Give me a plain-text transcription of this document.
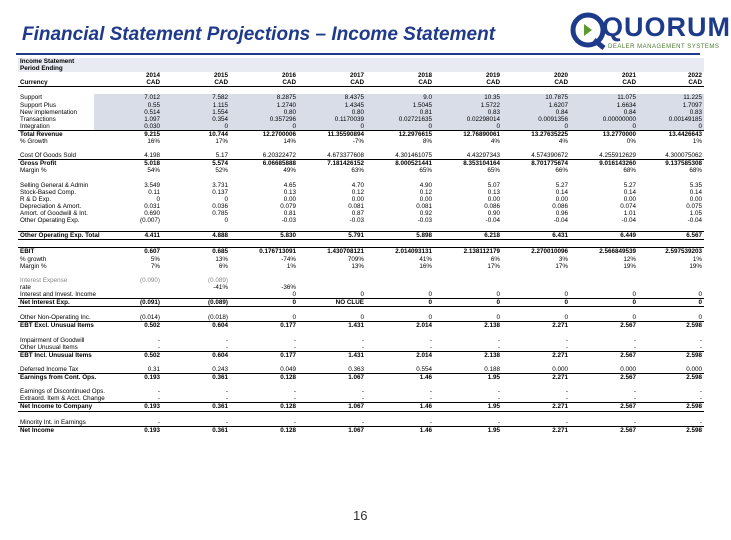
Financial Statement Projections – Income Statement	QUORUM
DEALER MANAGEMENT SYSTEMS
Income Statement									
Period Ending									
	2014	2015	2016	2017	2018	2019	2020	2021	2022
Currency	CAD	CAD	CAD	CAD	CAD	CAD	CAD	CAD	CAD

Support	7.012	7.582	8.2875	8.4375	9.0	10.35	10.7875	11.075	11.225
Support Plus	0.55	1.115	1.2740	1.4345	1.5045	1.5722	1.6207	1.6634	1.7097
New implementation	0.514	1.554	0.80	0.80	0.81	0.83	0.84	0.84	0.83
Transactions	1.097	0.354	0.357296	0.1170039	0.02721635	0.02298014	0.0091356	0.00000000	0.00149185
Integration	0.030	0	0	0	0	0	0	0	0
Total Revenue	9.215	10.744	12.2700006	11.35590894	12.2976615	12.76890061	13.27635225	13.2770000	13.4426643
% Growth	16%	17%	14%	-7%	8%	4%	4%	0%	1%

Cost Of Goods Sold	4.198	5.17	6.20322472	4.673377608	4.301461075	4.43297343	4.574390672	4.255912629	4.300075062
Gross Profit	5.018	5.574	6.06685888	7.181426152	8.000521441	8.353104164	8.701775674	9.016143260	9.137585308
Margin %	54%	52%	49%	63%	65%	65%	66%	68%	68%

Selling General & Admin	3.549	3.731	4.65	4.70	4.90	5.07	5.27	5.27	5.35
Stock-Based Comp.	0.11	0.137	0.13	0.12	0.12	0.13	0.14	0.14	0.14
R & D Exp.	0	0	0.00	0.00	0.00	0.00	0.00	0.00	0.00
Depreciation & Amort.	0.031	0.036	0.079	0.081	0.081	0.086	0.086	0.074	0.075
Amort. of Goodwill & Int.	0.690	0.785	0.81	0.87	0.92	0.90	0.96	1.01	1.05
Other Operating Exp.	(0.007)	0	-0.03	-0.03	-0.03	-0.04	-0.04	-0.04	-0.04

Other Operating Exp. Total	4.411	4.888	5.830	5.791	5.898	6.218	6.431	6.449	6.567

EBIT	0.607	0.685	0.176713091	1.430708121	2.014093131	2.138112179	2.270010096	2.566849539	2.597539203
% growth	5%	13%	-74%	709%	41%	6%	3%	12%	1%
Margin %	7%	6%	1%	13%	16%	17%	17%	19%	19%

Interest Expense	(0.090)	(0.089)							
rate		-41%	-36%						
Interest and Invest. Income			0	0	0	0	0	0	0
Net Interest Exp.	(0.091)	(0.089)	0	NO CLUE	0	0	0	0	0

Other Non-Operating Inc.	(0.014)	(0.018)	0	0	0	0	0	0	0
EBT Excl. Unusual Items	0.502	0.604	0.177	1.431	2.014	2.138	2.271	2.567	2.598

Impairment of Goodwill	-	-	-	-	-	-	-	-	-
Other Unusual Items	-	-	-	-	-	-	-	-	-
EBT Incl. Unusual Items	0.502	0.604	0.177	1.431	2.014	2.138	2.271	2.567	2.598

Deferred Income Tax	0.31	0.243	0.049	0.363	0.554	0.188	0.000	0.000	0.000
Earnings from Cont. Ops.	0.193	0.361	0.128	1.067	1.46	1.95	2.271	2.567	2.598

Earnings of Discontinued Ops.	-	-	-	-	-	-	-	-	-
Extraord. Item & Acct. Change	-	-	-	-	-	-	-	-	-
Net Income to Company	0.193	0.361	0.128	1.067	1.46	1.95	2.271	2.567	2.598

Minority Int. in Earnings	-	-	-	-	-	-	-	-	-
Net Income	0.193	0.361	0.128	1.067	1.46	1.95	2.271	2.567	2.598
16
